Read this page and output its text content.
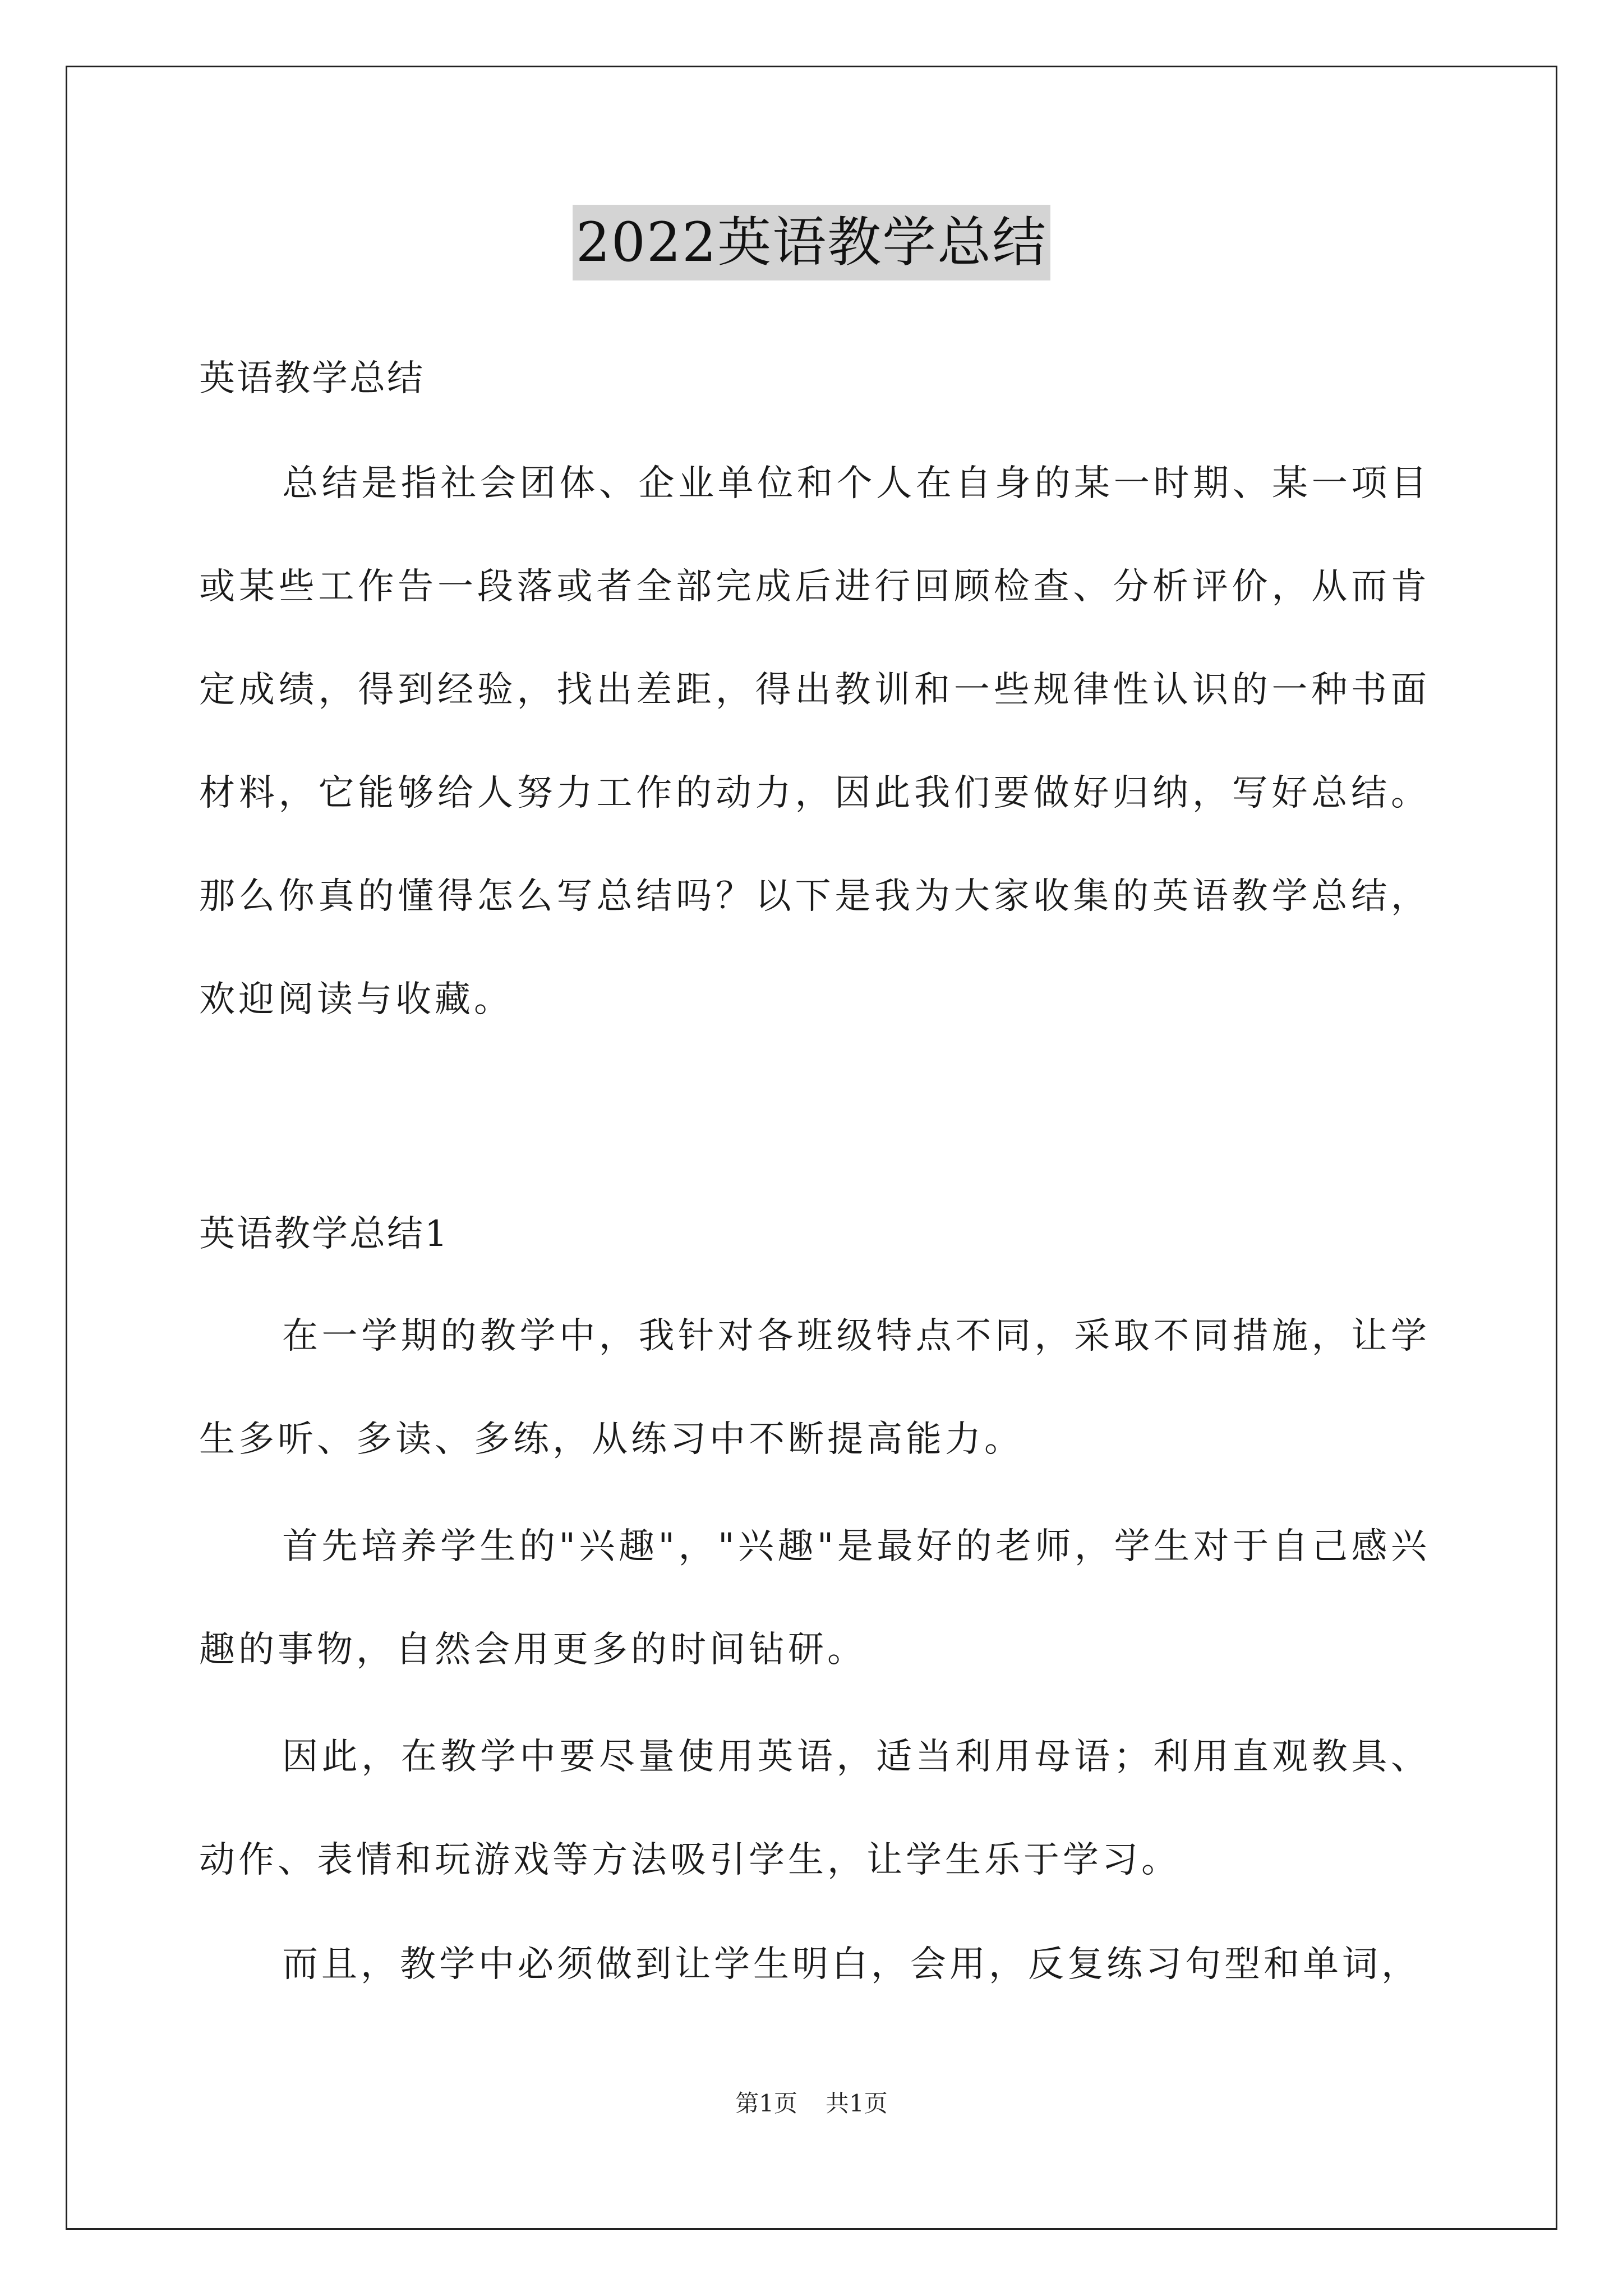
2022英语教学总结
英语教学总结

总结是指社会团体、企业单位和个人在自身的某一时期、某一项目或某些工作告一段落或者全部完成后进行回顾检查、分析评价，从而肯定成绩，得到经验，找出差距，得出教训和一些规律性认识的一种书面材料，它能够给人努力工作的动力，因此我们要做好归纳，写好总结。那么你真的懂得怎么写总结吗？以下是我为大家收集的英语教学总结，欢迎阅读与收藏。

英语教学总结1

在一学期的教学中，我针对各班级特点不同，采取不同措施，让学生多听、多读、多练，从练习中不断提高能力。

首先培养学生的"兴趣"，"兴趣"是最好的老师，学生对于自己感兴趣的事物，自然会用更多的时间钻研。

因此，在教学中要尽量使用英语，适当利用母语；利用直观教具、动作、表情和玩游戏等方法吸引学生，让学生乐于学习。

而且，教学中必须做到让学生明白，会用，反复练习句型和单词，

第1页 共1页
